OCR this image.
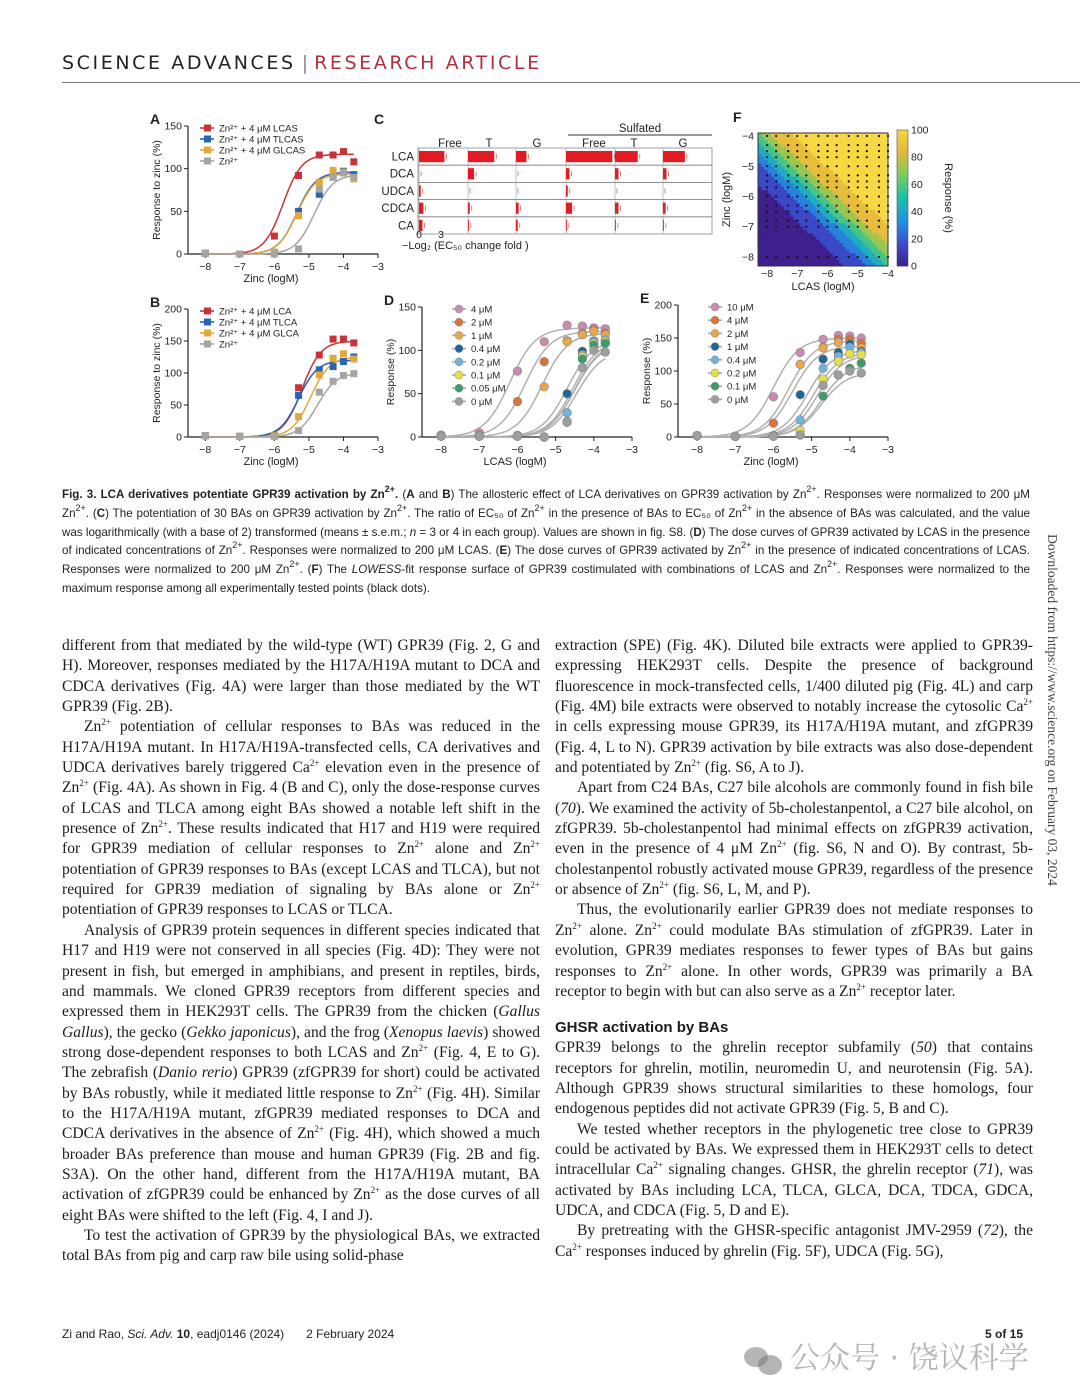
SCIENCE ADVANCES | RESEARCH ARTICLE
A
0
50
100
150
−8 −7 −6 −5 −4 −3
Zinc (logM)
Response to zinc (%)
Zn²⁺ + 4 μM LCAS
Zn²⁺ + 4 μM TLCAS
Zn²⁺ + 4 μM GLCAS
Zn²⁺
B
0
50
100
150
200
−8 −7 −6 −5 −4 −3
Zinc (logM)
Response to zinc (%)
Zn²⁺ + 4 μM LCA
Zn²⁺ + 4 μM TLCA
Zn²⁺ + 4 μM GLCA
Zn²⁺
D
0
50
100
150
−8 −7 −6 −5 −4 −3
LCAS (logM)
Response (%)
4 μM
2 μM
1 μM
0.4 μM
0.2 μM
0.1 μM
0.05 μM
0 μM
E
0
50
100
150
200
−8 −7 −6 −5 −4 −3
Zinc (logM)
Response (%)
10 μM
4 μM
2 μM
1 μM
0.4 μM
0.2 μM
0.1 μM
0 μM
C
Sulfated
Free T	G	Free T	G
LCA
DCA
UDCA
CDCA
CA
0 3
−Log₂ (EC₅₀ change fold )
F
−8 −7 −6 −5 −4
−8
−7
−6
−5
−4
LCAS (logM)
Zinc (logM)
0
20
40
60
80
100
Response (%)
Fig. 3. LCA derivatives potentiate GPR39 activation by $Zn^{2+}$. (A and B) The allosteric effect of LCA derivatives on GPR39 activation by $Zn^{2+}$. Responses were normalized to 200 μM $Zn^{2+}$. (C) The potentiation of 30 BAs on GPR39 activation by $Zn^{2+}$. The ratio of EC₅₀ of $Zn^{2+}$ in the presence of BAs to EC₅₀ of $Zn^{2+}$ in the absence of BAs was calculated, and the value was logarithmically (with a base of 2) transformed (means ± s.e.m.; n = 3 or 4 in each group). Values are shown in fig. S8. (D) The dose curves of GPR39 activated by LCAS in the presence of indicated concentrations of $Zn^{2+}$. Responses were normalized to 200 μM LCAS. (E) The dose curves of GPR39 activated by $Zn^{2+}$ in the presence of indicated concentrations of LCAS. Responses were normalized to 200 μM $Zn^{2+}$. (F) The LOWESS-fit response surface of GPR39 costimulated with combinations of LCAS and $Zn^{2+}$. Responses were normalized to the maximum response among all experimentally tested points (black dots).

different from that mediated by the wild-type (WT) GPR39 (Fig. 2, G and H). Moreover, responses mediated by the H17A/H19A mutant to DCA and CDCA derivatives (Fig. 4A) were larger than those mediated by the WT GPR39 (Fig. 2B).

$Zn^{2+}$ potentiation of cellular responses to BAs was reduced in the H17A/H19A mutant. In H17A/H19A-transfected cells, CA derivatives and UDCA derivatives barely triggered $Ca^{2+}$ elevation even in the presence of $Zn^{2+}$ (Fig. 4A). As shown in Fig. 4 (B and C), only the dose-response curves of LCAS and TLCA among eight BAs showed a notable left shift in the presence of $Zn^{2+}$. These results indicated that H17 and H19 were required for GPR39 mediation of cellular responses to $Zn^{2+}$ alone and $Zn^{2+}$ potentiation of GPR39 responses to BAs (except LCAS and TLCA), but not required for GPR39 mediation of signaling by BAs alone or $Zn^{2+}$ potentiation of GPR39 responses to LCAS or TLCA.

Analysis of GPR39 protein sequences in different species indicated that H17 and H19 were not conserved in all species (Fig. 4D): They were not present in fish, but emerged in amphibians, and present in reptiles, birds, and mammals. We cloned GPR39 receptors from different species and expressed them in HEK293T cells. The GPR39 from the chicken (Gallus Gallus), the gecko (Gekko japonicus), and the frog (Xenopus laevis) showed strong dose-dependent responses to both LCAS and $Zn^{2+}$ (Fig. 4, E to G). The zebrafish (Danio rerio) GPR39 (zfGPR39 for short) could be activated by BAs robustly, while it mediated little response to $Zn^{2+}$ (Fig. 4H). Similar to the H17A/H19A mutant, zfGPR39 mediated responses to DCA and CDCA derivatives in the absence of $Zn^{2+}$ (Fig. 4H), which showed a much broader BAs preference than mouse and human GPR39 (Fig. 2B and fig. S3A). On the other hand, different from the H17A/H19A mutant, BA activation of zfGPR39 could be enhanced by $Zn^{2+}$ as the dose curves of all eight BAs were shifted to the left (Fig. 4, I and J).

To test the activation of GPR39 by the physiological BAs, we extracted total BAs from pig and carp raw bile using solid-phase

extraction (SPE) (Fig. 4K). Diluted bile extracts were applied to GPR39-expressing HEK293T cells. Despite the presence of background fluorescence in mock-transfected cells, 1/400 diluted pig (Fig. 4L) and carp (Fig. 4M) bile extracts were observed to notably increase the cytosolic $Ca^{2+}$ in cells expressing mouse GPR39, its H17A/H19A mutant, and zfGPR39 (Fig. 4, L to N). GPR39 activation by bile extracts was also dose-dependent and potentiated by $Zn^{2+}$ (fig. S6, A to J).

Apart from C24 BAs, C27 bile alcohols are commonly found in fish bile (70). We examined the activity of 5b-cholestanpentol, a C27 bile alcohol, on zfGPR39. 5b-cholestanpentol had minimal effects on zfGPR39 activation, even in the presence of 4 μM $Zn^{2+}$ (fig. S6, N and O). By contrast, 5b-cholestanpentol robustly activated mouse GPR39, regardless of the presence or absence of $Zn^{2+}$ (fig. S6, L, M, and P).

Thus, the evolutionarily earlier GPR39 does not mediate responses to $Zn^{2+}$ alone. $Zn^{2+}$ could modulate BAs stimulation of zfGPR39. Later in evolution, GPR39 mediates responses to fewer types of BAs but gains responses to $Zn^{2+}$ alone. In other words, GPR39 was primarily a BA receptor to begin with but can also serve as a $Zn^{2+}$ receptor later.

GHSR activation by BAs

GPR39 belongs to the ghrelin receptor subfamily (50) that contains receptors for ghrelin, motilin, neuromedin U, and neurotensin (Fig. 5A). Although GPR39 shows structural similarities to these homologs, four endogenous peptides did not activate GPR39 (Fig. 5, B and C).

We tested whether receptors in the phylogenetic tree close to GPR39 could be activated by BAs. We expressed them in HEK293T cells to detect intracellular $Ca^{2+}$ signaling changes. GHSR, the ghrelin receptor (71), was activated by BAs including LCA, TLCA, GLCA, DCA, TDCA, GDCA, UDCA, and CDCA (Fig. 5, D and E).

By pretreating with the GHSR-specific antagonist JMV-2959 (72), the $Ca^{2+}$ responses induced by ghrelin (Fig. 5F), UDCA (Fig. 5G),

Zi and Rao, Sci. Adv. 10, eadj0146 (2024) 2 February 2024	5 of 15
Downloaded from https://www.science.org on February 03, 2024
公众号 · 饶议科学
